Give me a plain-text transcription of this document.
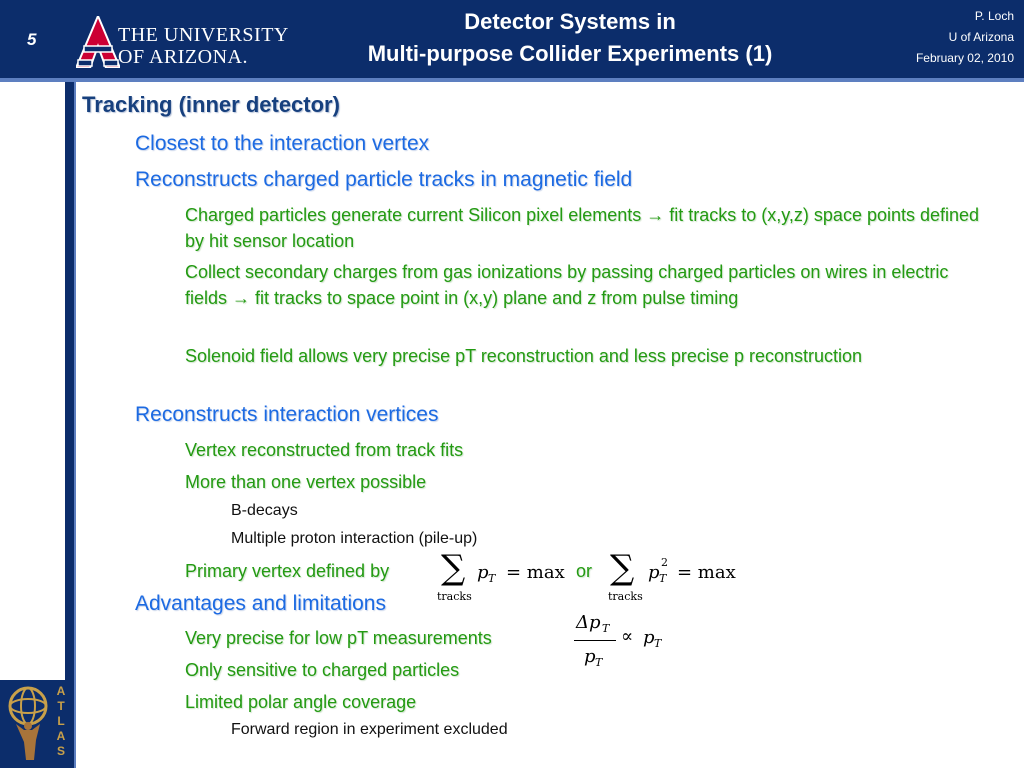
5	THE UNIVERSITY
OF ARIZONA.
Detector Systems in
Multi-purpose Collider Experiments (1)
P. Loch
U of Arizona
February 02, 2010
ATLAS
Tracking (inner detector)
Closest to the interaction vertex
Reconstructs charged particle tracks in magnetic field
Charged particles generate current Silicon pixel elements → fit tracks to (x,y,z) space points defined by hit sensor location
Collect secondary charges from gas ionizations by passing charged particles on wires in electric fields → fit tracks to space point in (x,y) plane and z from pulse timing
Solenoid field allows very precise pT reconstruction and less precise p reconstruction
Reconstructs interaction vertices
Vertex reconstructed from track fits
More than one vertex possible
B-decays
Multiple proton interaction (pile-up)
Primary vertex defined by	or
Advantages and limitations
Very precise for low pT measurements
Only sensitive to charged particles
Limited polar angle coverage
Forward region in experiment excluded
∑
tracks
p T = max ∑
tracks
p 2
T = max
Δp T
p T
∝ p T
